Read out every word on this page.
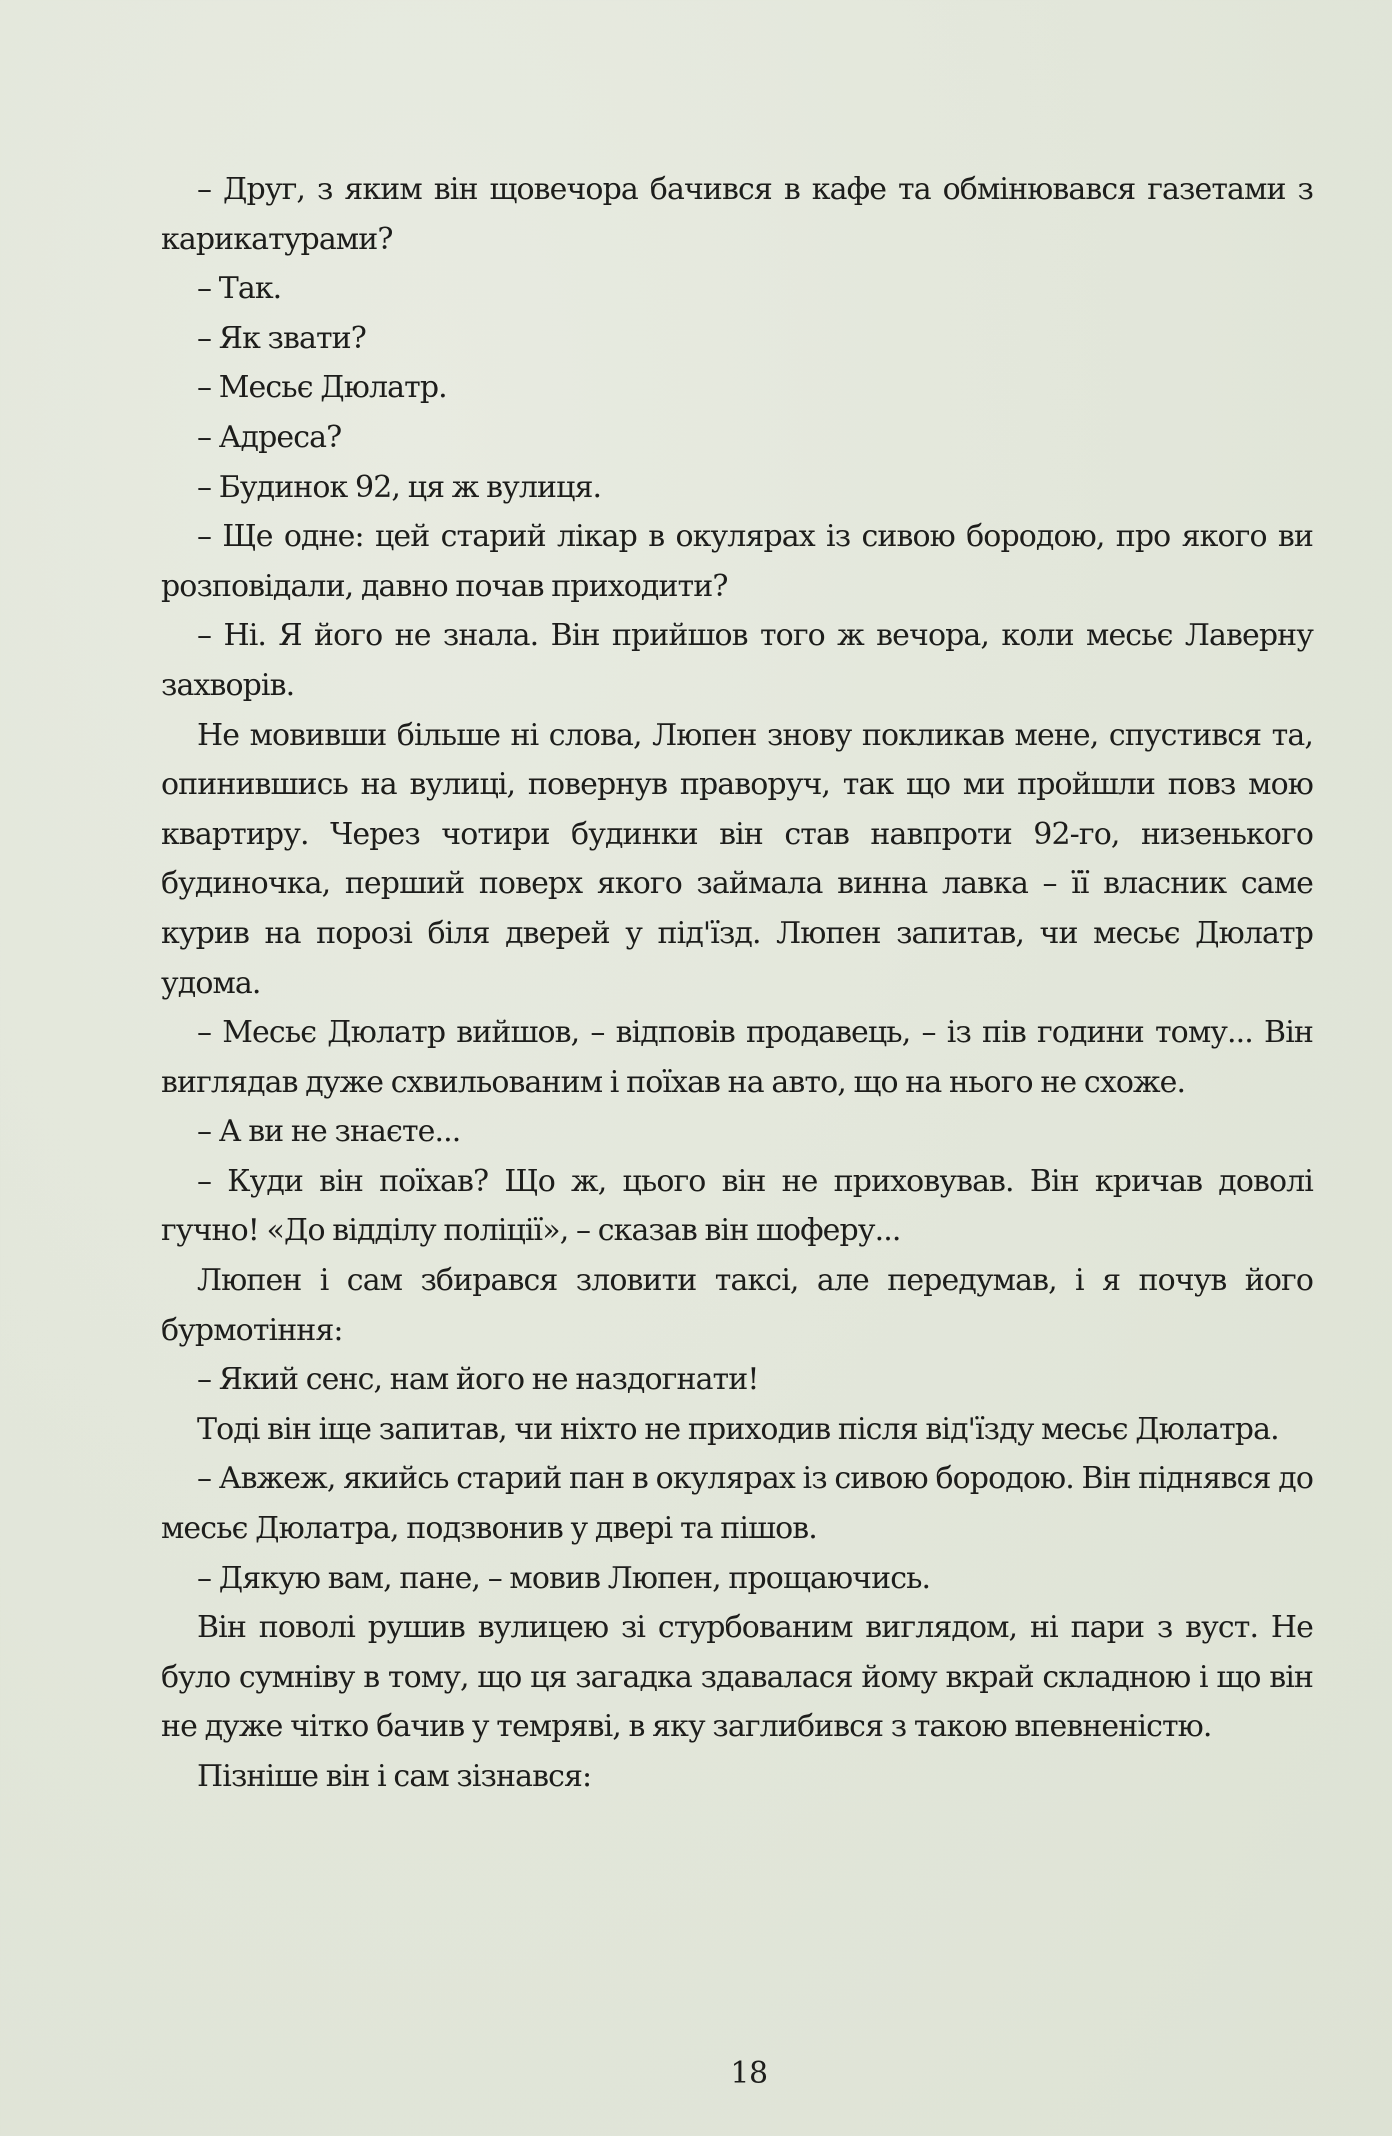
– Друг, з яким він щовечора бачився в кафе та обмінювався газетами з карикатурами?

– Так.

– Як звати?

– Месьє Дюлатр.

– Адреса?

– Будинок 92, ця ж вулиця.

– Ще одне: цей старий лікар в окулярах із сивою бородою, про якого ви розповідали, давно почав приходити?

– Ні. Я його не знала. Він прийшов того ж вечора, коли месьє Лаверну захворів.

Не мовивши більше ні слова, Люпен знову покликав мене, спустився та, опинившись на вулиці, повернув праворуч, так що ми пройшли повз мою квартиру. Через чотири будинки він став навпроти 92-го, низенького будиночка, перший поверх якого займала винна лавка – її власник саме курив на порозі біля дверей у під'їзд. Люпен запитав, чи месьє Дюлатр удома.

– Месьє Дюлатр вийшов, – відповів продавець, – із пів години тому... Він виглядав дуже схвильованим і поїхав на авто, що на нього не схоже.

– А ви не знаєте...

– Куди він поїхав? Що ж, цього він не приховував. Він кричав доволі гучно! «До відділу поліції», – сказав він шоферу...

Люпен і сам збирався зловити таксі, але передумав, і я почув його бурмотіння:

– Який сенс, нам його не наздогнати!

Тоді він іще запитав, чи ніхто не приходив після від'їзду месьє Дюлатра.

– Авжеж, якийсь старий пан в окулярах із сивою бородою. Він піднявся до месьє Дюлатра, подзвонив у двері та пішов.

– Дякую вам, пане, – мовив Люпен, прощаючись.

Він поволі рушив вулицею зі стурбованим виглядом, ні пари з вуст. Не було сумніву в тому, що ця загадка здавалася йому вкрай складною і що він не дуже чітко бачив у темряві, в яку заглибився з такою впевненістю.

Пізніше він і сам зізнався:

18
